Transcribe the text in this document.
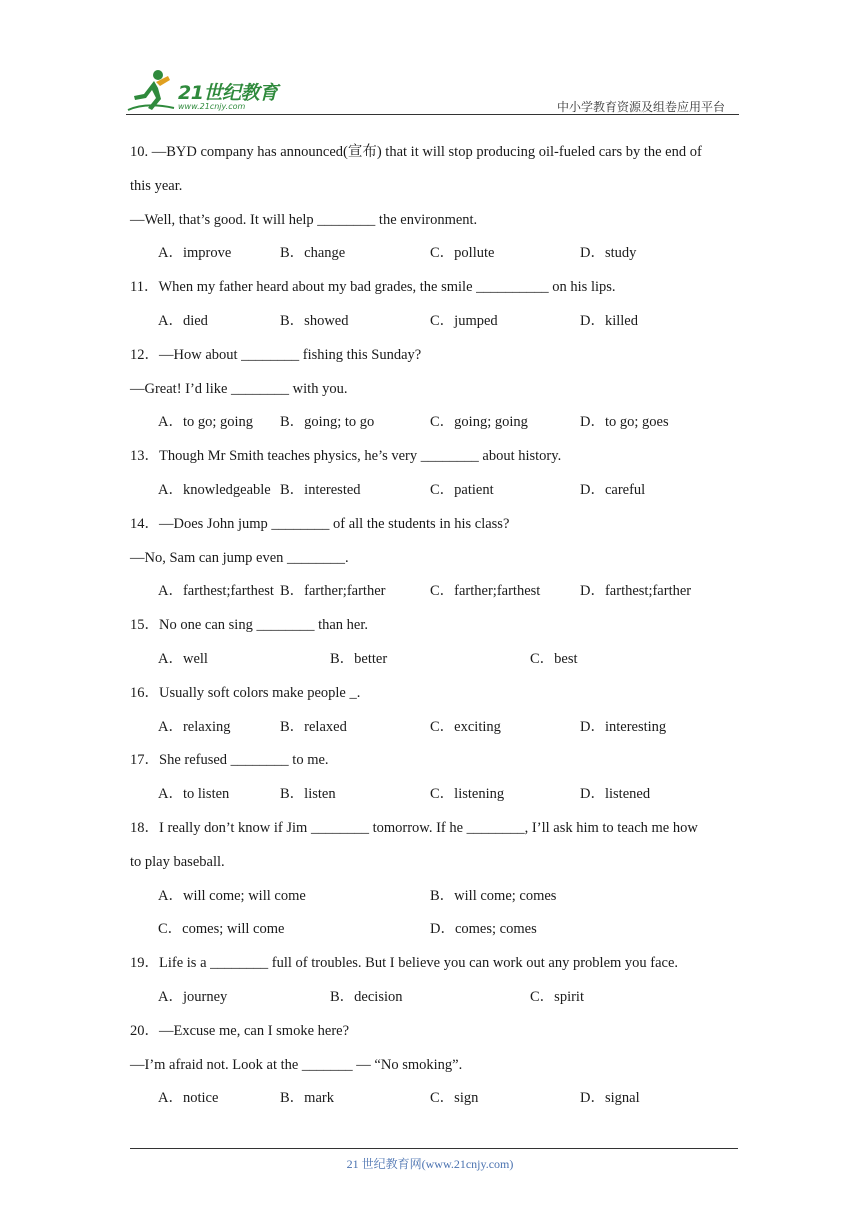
21世纪教育
www.21cnjy.com	中小学教育资源及组卷应用平台
10. —BYD company has announced(宣布) that it will stop producing oil-fueled cars by the end of
this year.
—Well, that’s good. It will help ________ the environment.
A．improve	B．change	C．pollute	D．study
11．When my father heard about my bad grades, the smile __________ on his lips.
A．died	B．showed	C．jumped	D．killed
12．—How about ________ fishing this Sunday?
—Great! I’d like ________ with you.
A．to go; going B．going; to go	C．going; going	D．to go; goes
13．Though Mr Smith teaches physics, he’s very ________ about history.
A．knowledgeable B．interested	C．patient	D．careful
14．—Does John jump ________ of all the students in his class?
—No, Sam can jump even ________.
A．farthest;farthest B．farther;farther	C．farther;farthest	D．farthest;farther
15．No one can sing ________ than her.
A．well	B．better	C．best
16．Usually soft colors make people _.
A．relaxing	B．relaxed	C．exciting	D．interesting
17．She refused ________ to me.
A．to listen	B．listen	C．listening	D．listened
18．I really don’t know if Jim ________ tomorrow. If he ________, I’ll ask him to teach me how
to play baseball.
A．will come; will come	B．will come; comes
C．comes; will come	D．comes; comes
19．Life is a ________ full of troubles. But I believe you can work out any problem you face.
A．journey	B．decision	C．spirit
20．—Excuse me, can I smoke here?
—I’m afraid not. Look at the _______ — “No smoking”.
A．notice	B．mark	C．sign	D．signal
21 世纪教育网(www.21cnjy.com)
